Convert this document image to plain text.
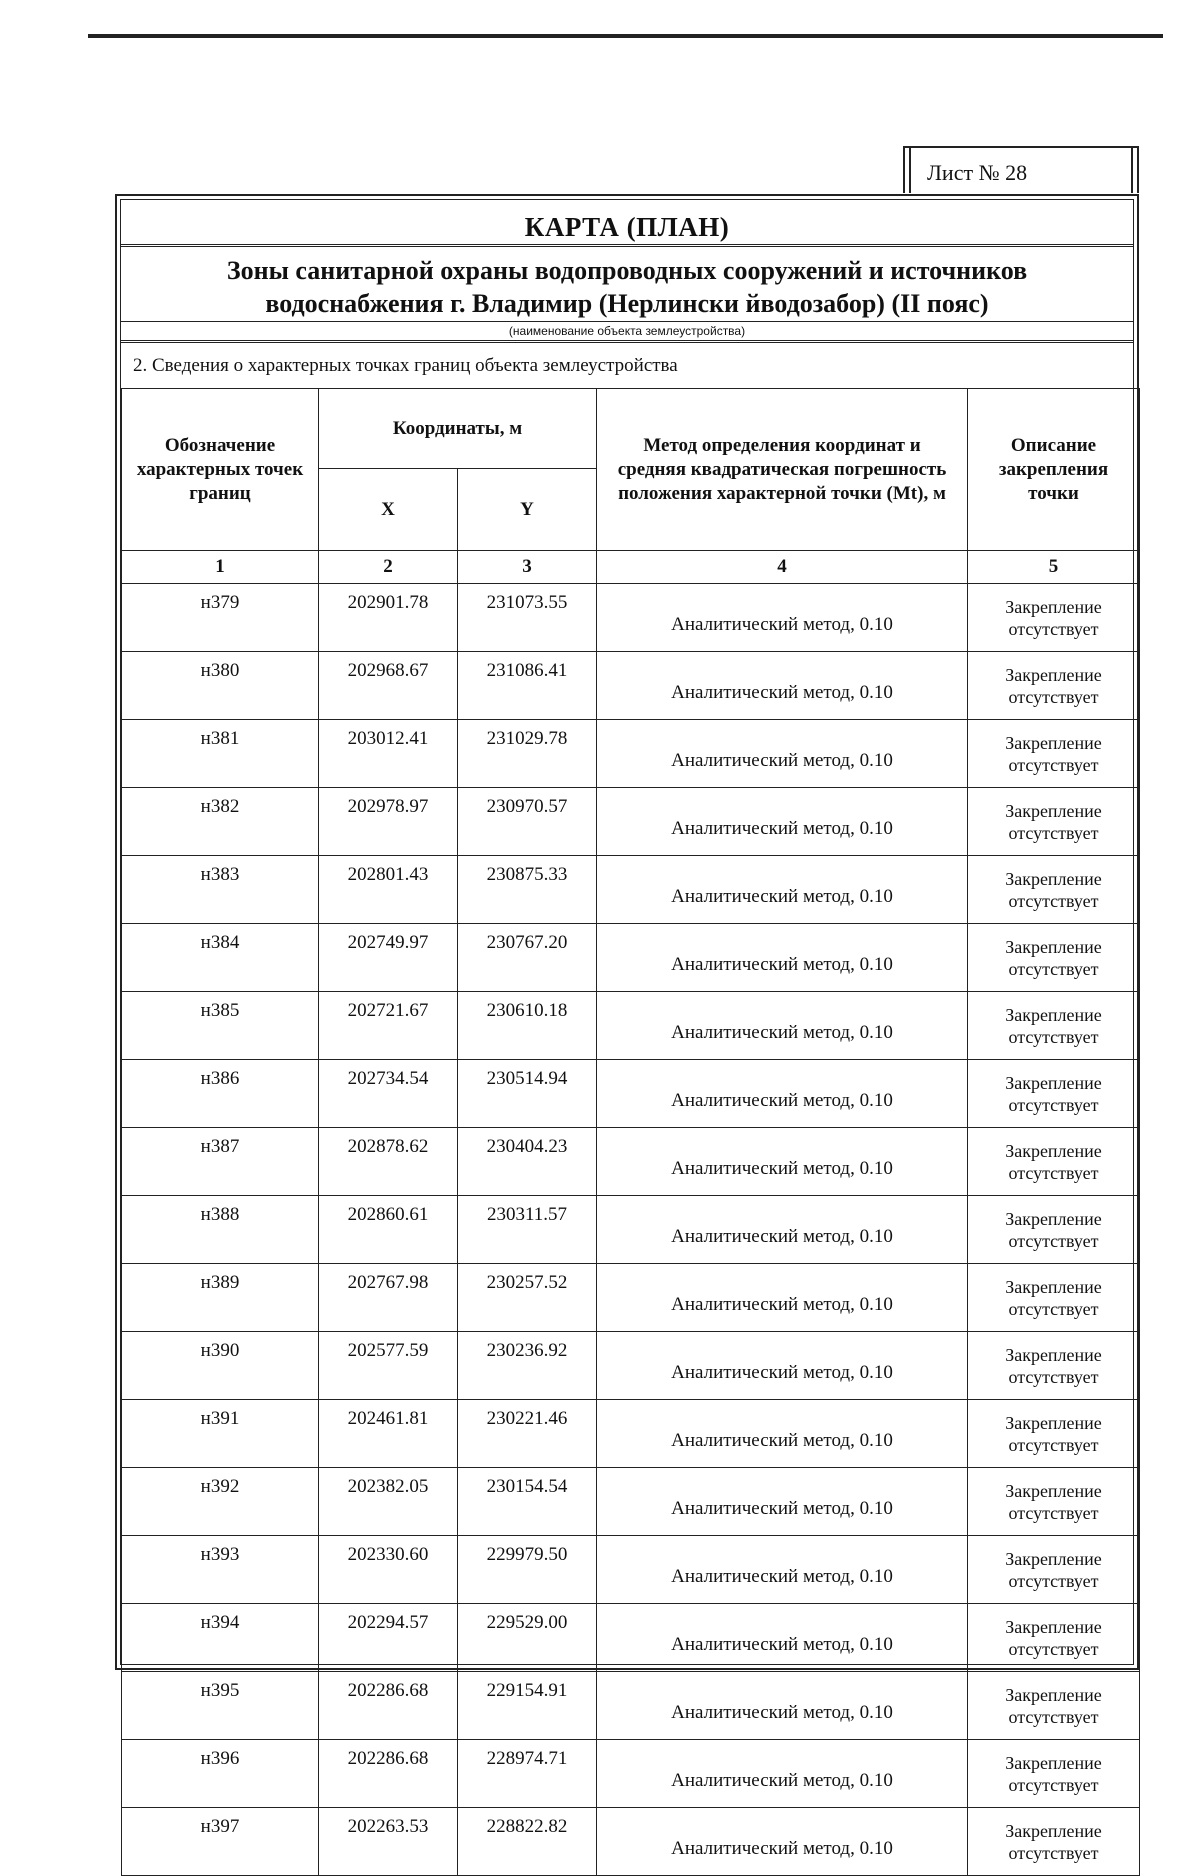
Лист № 28
КАРТА (ПЛАН)
Зоны санитарной охраны водопроводных сооружений и источников
водоснабжения г. Владимир (Нерлински йводозабор) (II пояс)
(наименование объекта землеустройства)
2. Сведения о характерных точках границ объекта землеустройства
Обозначение характерных точек границ	Координаты, м		Метод определения координат и средняя квадратическая погрешность положения характерной точки (Mt), м	Описание закрепления точки
	X	Y		
1	2	3	4	5
н379	202901.78	231073.55	Аналитический метод, 0.10	Закрепление отсутствует
н380	202968.67	231086.41	Аналитический метод, 0.10	Закрепление отсутствует
н381	203012.41	231029.78	Аналитический метод, 0.10	Закрепление отсутствует
н382	202978.97	230970.57	Аналитический метод, 0.10	Закрепление отсутствует
н383	202801.43	230875.33	Аналитический метод, 0.10	Закрепление отсутствует
н384	202749.97	230767.20	Аналитический метод, 0.10	Закрепление отсутствует
н385	202721.67	230610.18	Аналитический метод, 0.10	Закрепление отсутствует
н386	202734.54	230514.94	Аналитический метод, 0.10	Закрепление отсутствует
н387	202878.62	230404.23	Аналитический метод, 0.10	Закрепление отсутствует
н388	202860.61	230311.57	Аналитический метод, 0.10	Закрепление отсутствует
н389	202767.98	230257.52	Аналитический метод, 0.10	Закрепление отсутствует
н390	202577.59	230236.92	Аналитический метод, 0.10	Закрепление отсутствует
н391	202461.81	230221.46	Аналитический метод, 0.10	Закрепление отсутствует
н392	202382.05	230154.54	Аналитический метод, 0.10	Закрепление отсутствует
н393	202330.60	229979.50	Аналитический метод, 0.10	Закрепление отсутствует
н394	202294.57	229529.00	Аналитический метод, 0.10	Закрепление отсутствует
н395	202286.68	229154.91	Аналитический метод, 0.10	Закрепление отсутствует
н396	202286.68	228974.71	Аналитический метод, 0.10	Закрепление отсутствует
н397	202263.53	228822.82	Аналитический метод, 0.10	Закрепление отсутствует
